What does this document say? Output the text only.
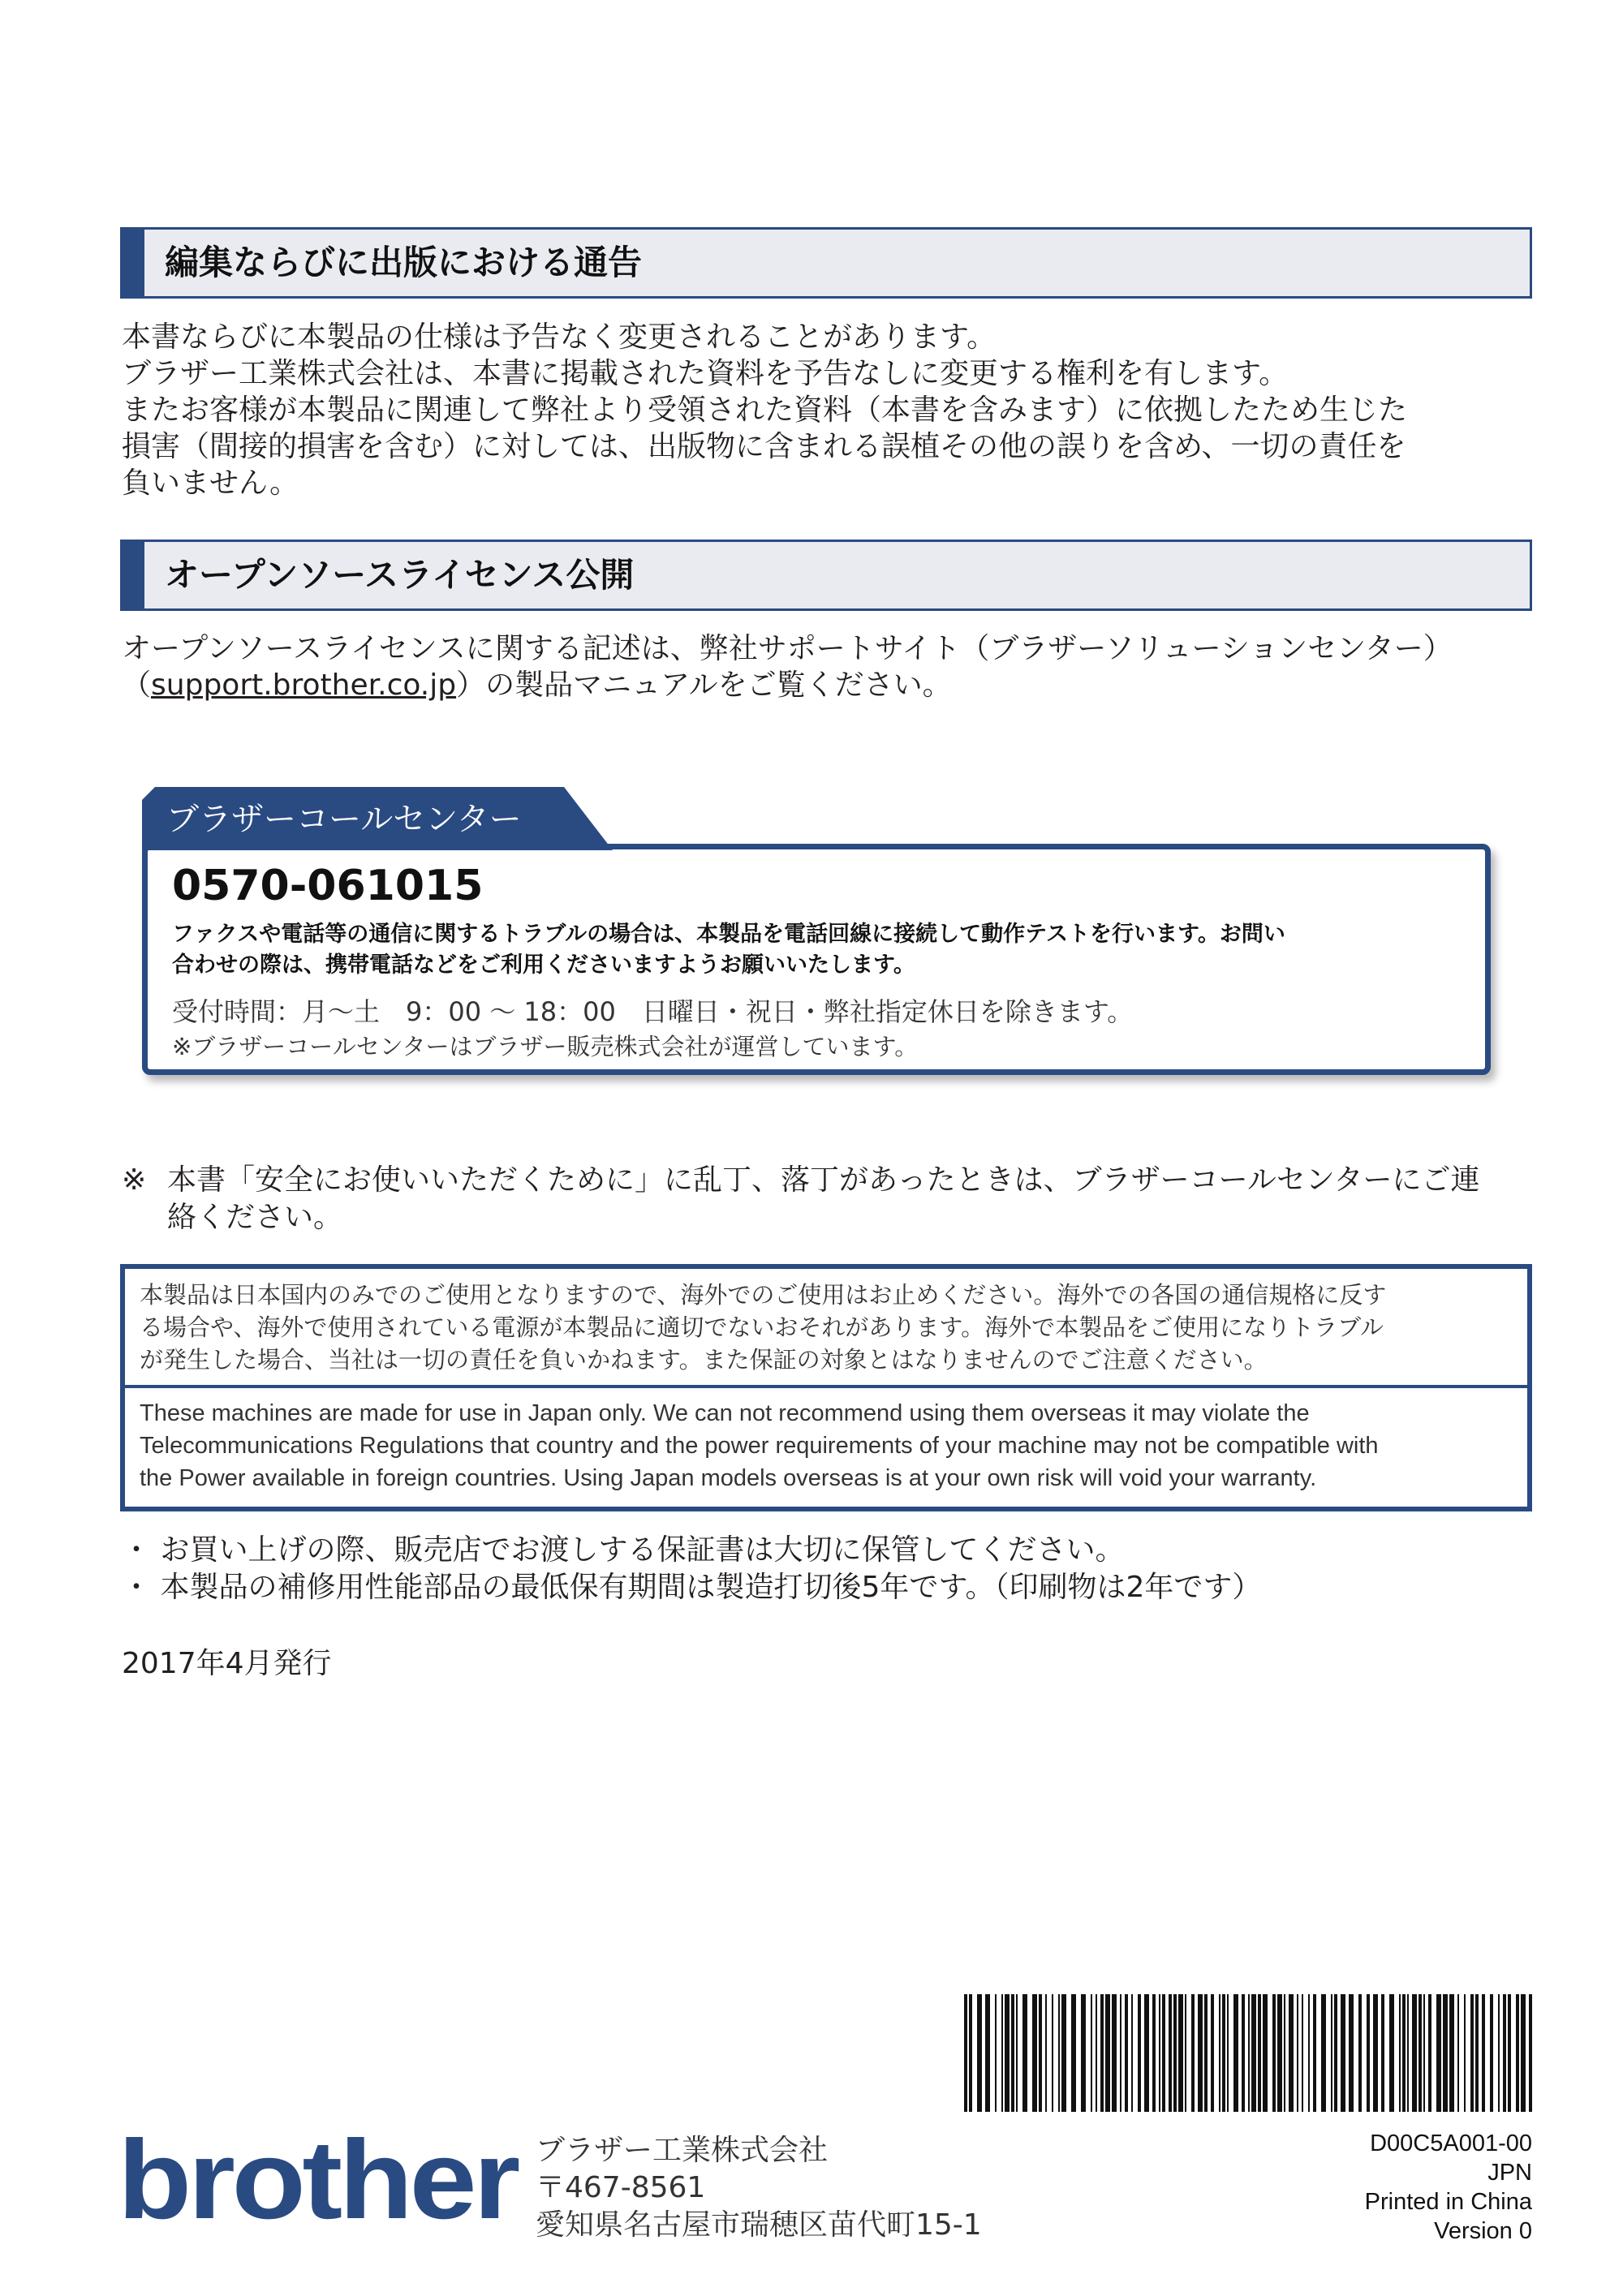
編集ならびに出版における通告
本書ならびに本製品の仕様は予告なく変更されることがあります。
ブラザー工業株式会社は、本書に掲載された資料を予告なしに変更する権利を有します。
またお客様が本製品に関連して弊社より受領された資料（本書を含みます）に依拠したため生じた
損害（間接的損害を含む）に対しては、出版物に含まれる誤植その他の誤りを含め、一切の責任を
負いません。
オープンソースライセンス公開
オープンソースライセンスに関する記述は、弊社サポートサイト（ブラザーソリューションセンター）
（support.brother.co.jp）の製品マニュアルをご覧ください。
ブラザーコールセンター
0570-061015
ファクスや電話等の通信に関するトラブルの場合は、本製品を電話回線に接続して動作テストを行います。お問い
合わせの際は、携帯電話などをご利用くださいますようお願いいたします。
受付時間：月～土　9：00 ～ 18：00　日曜日・祝日・弊社指定休日を除きます。
※ブラザーコールセンターはブラザー販売株式会社が運営しています。
※ 本書「安全にお使いいただくために」に乱丁、落丁があったときは、ブラザーコールセンターにご連
絡ください。
本製品は日本国内のみでのご使用となりますので、海外でのご使用はお止めください。海外での各国の通信規格に反す
る場合や、海外で使用されている電源が本製品に適切でないおそれがあります。海外で本製品をご使用になりトラブル
が発生した場合、当社は一切の責任を負いかねます。また保証の対象とはなりませんのでご注意ください。
These machines are made for use in Japan only. We can not recommend using them overseas it may violate the
Telecommunications Regulations that country and the power requirements of your machine may not be compatible with
the Power available in foreign countries. Using Japan models overseas is at your own risk will void your warranty.
・ お買い上げの際、販売店でお渡しする保証書は大切に保管してください。
・ 本製品の補修用性能部品の最低保有期間は製造打切後5年です。（印刷物は2年です）
2017年4月発行
brother ブラザー工業株式会社
〒467-8561
愛知県名古屋市瑞穂区苗代町15-1
D00C5A001-00
JPN
Printed in China
Version 0
